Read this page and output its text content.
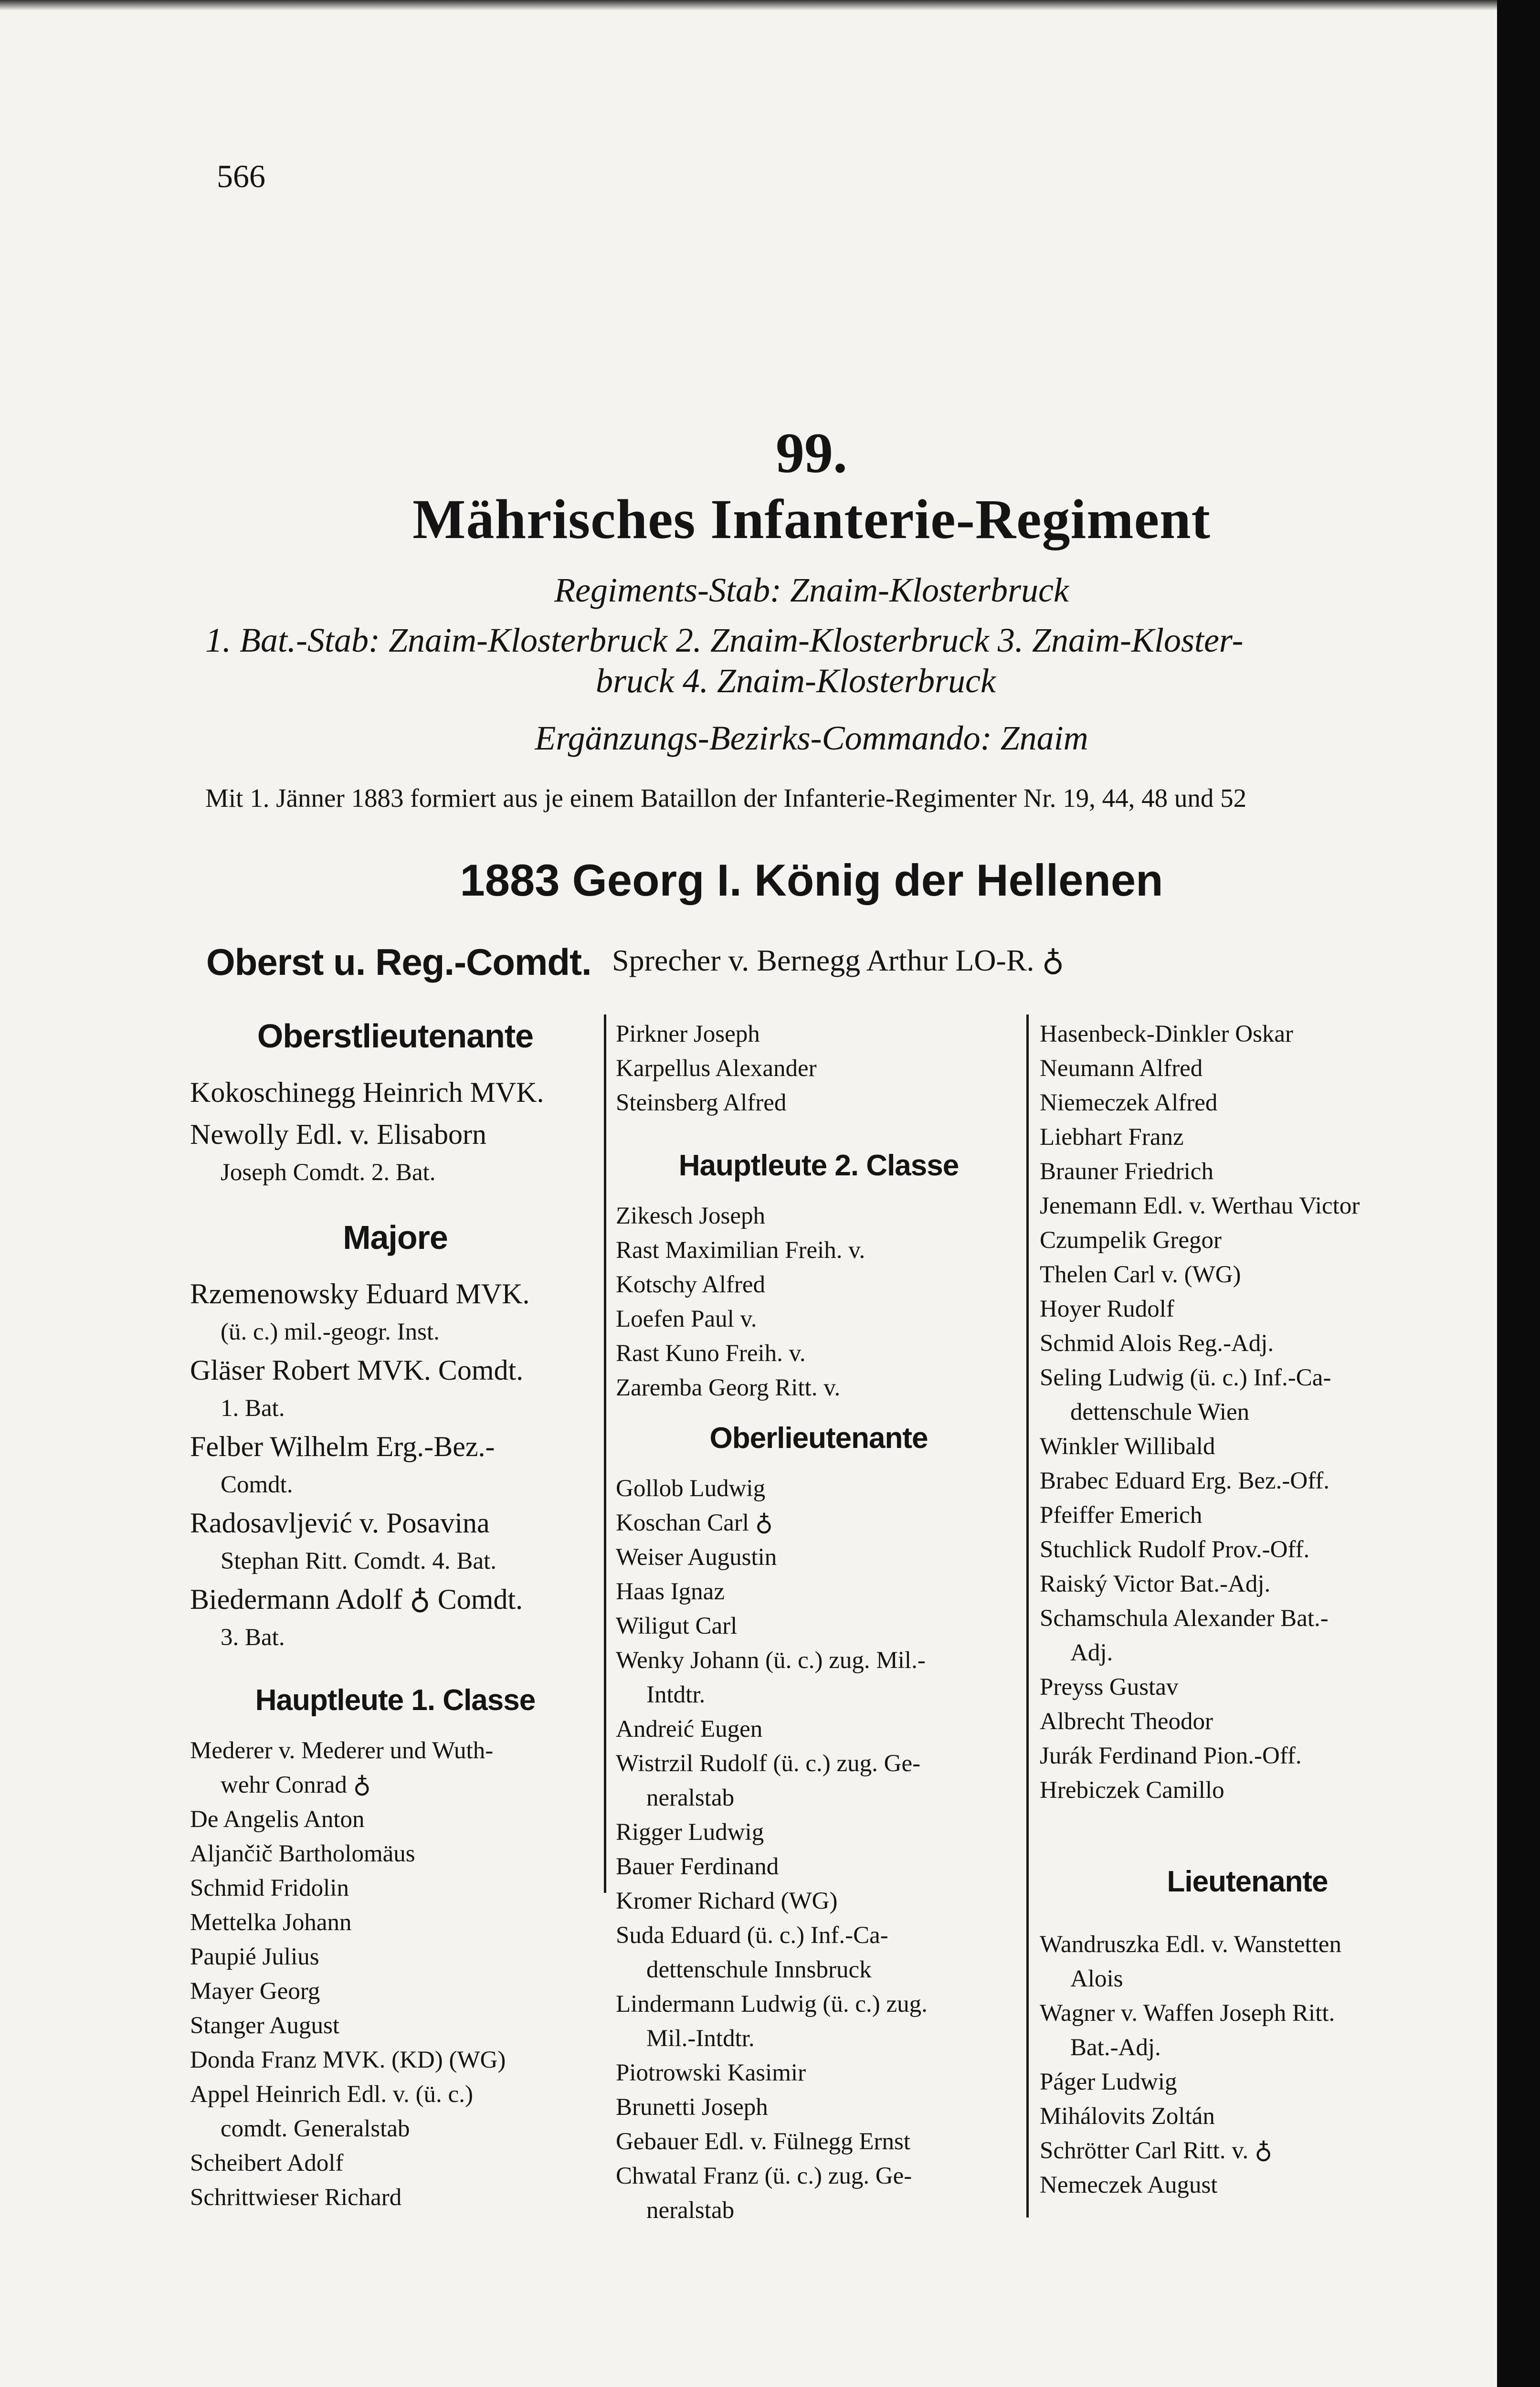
566
99.
Mährisches Infanterie-Regiment
Regiments-Stab: Znaim-Klosterbruck
1. Bat.-Stab: Znaim-Klosterbruck 2. Znaim-Klosterbruck 3. Znaim-Kloster-
bruck 4. Znaim-Klosterbruck
Ergänzungs-Bezirks-Commando: Znaim
Mit 1. Jänner 1883 formiert aus je einem Bataillon der Infanterie-Regimenter Nr. 19, 44, 48 und 52
1883 Georg I. König der Hellenen
Oberst u. Reg.-Comdt. Sprecher v. Bernegg Arthur LO-R. ♁
Oberstlieutenante
Kokoschinegg Heinrich MVK.
Newolly Edl. v. Elisaborn
Joseph Comdt. 2. Bat.
Majore
Rzemenowsky Eduard MVK.
(ü. c.) mil.-geogr. Inst.
Gläser Robert MVK. Comdt.
1. Bat.
Felber Wilhelm Erg.-Bez.-
Comdt.
Radosavljević v. Posavina
Stephan Ritt. Comdt. 4. Bat.
Biedermann Adolf ♁ Comdt.
3. Bat.
Hauptleute 1. Classe
Mederer v. Mederer und Wuth-
wehr Conrad ♁
De Angelis Anton
Aljančič Bartholomäus
Schmid Fridolin
Mettelka Johann
Paupié Julius
Mayer Georg
Stanger August
Donda Franz MVK. (KD) (WG)
Appel Heinrich Edl. v. (ü. c.)
comdt. Generalstab
Scheibert Adolf
Schrittwieser Richard
Pirkner Joseph
Karpellus Alexander
Steinsberg Alfred
Hauptleute 2. Classe
Zikesch Joseph
Rast Maximilian Freih. v.
Kotschy Alfred
Loefen Paul v.
Rast Kuno Freih. v.
Zaremba Georg Ritt. v.
Oberlieutenante
Gollob Ludwig
Koschan Carl ♁
Weiser Augustin
Haas Ignaz
Wiligut Carl
Wenky Johann (ü. c.) zug. Mil.-
Intdtr.
Andreić Eugen
Wistrzil Rudolf (ü. c.) zug. Ge-
neralstab
Rigger Ludwig
Bauer Ferdinand
Kromer Richard (WG)
Suda Eduard (ü. c.) Inf.-Ca-
dettenschule Innsbruck
Lindermann Ludwig (ü. c.) zug.
Mil.-Intdtr.
Piotrowski Kasimir
Brunetti Joseph
Gebauer Edl. v. Fülnegg Ernst
Chwatal Franz (ü. c.) zug. Ge-
neralstab
Hasenbeck-Dinkler Oskar
Neumann Alfred
Niemeczek Alfred
Liebhart Franz
Brauner Friedrich
Jenemann Edl. v. Werthau Victor
Czumpelik Gregor
Thelen Carl v. (WG)
Hoyer Rudolf
Schmid Alois Reg.-Adj.
Seling Ludwig (ü. c.) Inf.-Ca-
dettenschule Wien
Winkler Willibald
Brabec Eduard Erg. Bez.-Off.
Pfeiffer Emerich
Stuchlick Rudolf Prov.-Off.
Raiský Victor Bat.-Adj.
Schamschula Alexander Bat.-
Adj.
Preyss Gustav
Albrecht Theodor
Jurák Ferdinand Pion.-Off.
Hrebiczek Camillo
Lieutenante
Wandruszka Edl. v. Wanstetten
Alois
Wagner v. Waffen Joseph Ritt.
Bat.-Adj.
Páger Ludwig
Mihálovits Zoltán
Schrötter Carl Ritt. v. ♁
Nemeczek August
